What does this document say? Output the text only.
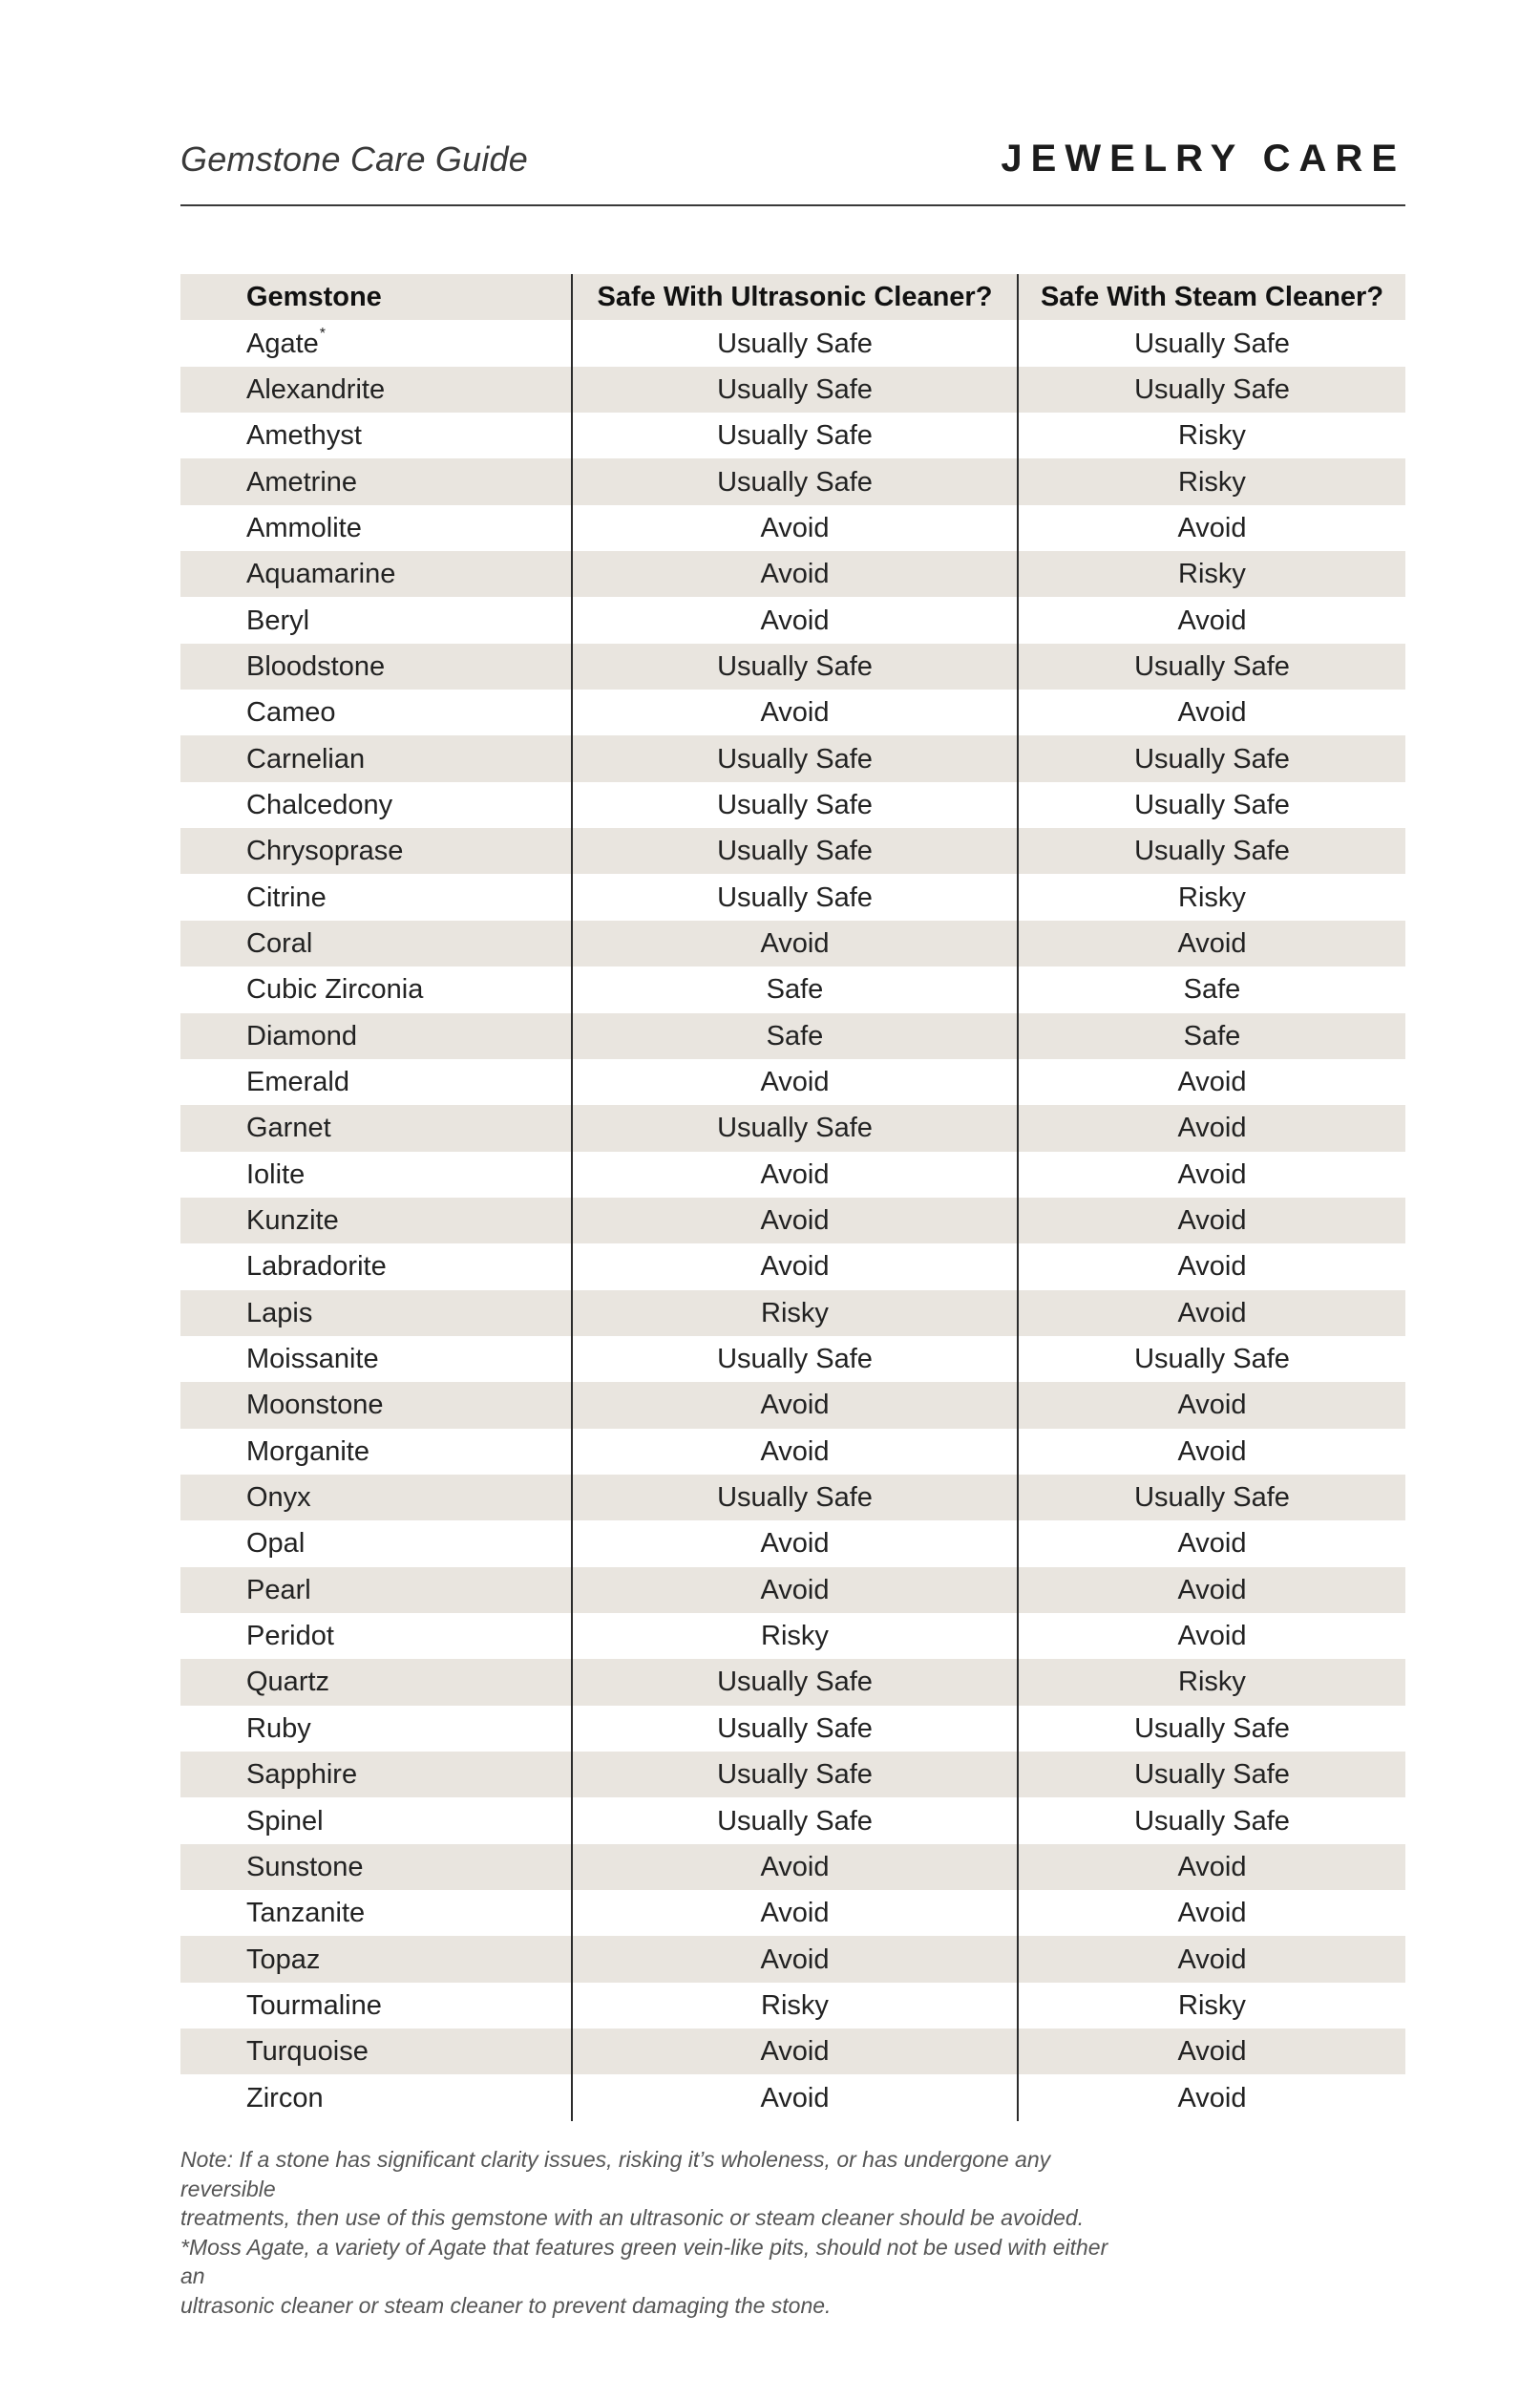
Gemstone Care Guide	JEWELRY CARE
Gemstone	Safe With Ultrasonic Cleaner?	Safe With Steam Cleaner?
Agate*	Usually Safe	Usually Safe
Alexandrite	Usually Safe	Usually Safe
Amethyst	Usually Safe	Risky
Ametrine	Usually Safe	Risky
Ammolite	Avoid	Avoid
Aquamarine	Avoid	Risky
Beryl	Avoid	Avoid
Bloodstone	Usually Safe	Usually Safe
Cameo	Avoid	Avoid
Carnelian	Usually Safe	Usually Safe
Chalcedony	Usually Safe	Usually Safe
Chrysoprase	Usually Safe	Usually Safe
Citrine	Usually Safe	Risky
Coral	Avoid	Avoid
Cubic Zirconia	Safe	Safe
Diamond	Safe	Safe
Emerald	Avoid	Avoid
Garnet	Usually Safe	Avoid
Iolite	Avoid	Avoid
Kunzite	Avoid	Avoid
Labradorite	Avoid	Avoid
Lapis	Risky	Avoid
Moissanite	Usually Safe	Usually Safe
Moonstone	Avoid	Avoid
Morganite	Avoid	Avoid
Onyx	Usually Safe	Usually Safe
Opal	Avoid	Avoid
Pearl	Avoid	Avoid
Peridot	Risky	Avoid
Quartz	Usually Safe	Risky
Ruby	Usually Safe	Usually Safe
Sapphire	Usually Safe	Usually Safe
Spinel	Usually Safe	Usually Safe
Sunstone	Avoid	Avoid
Tanzanite	Avoid	Avoid
Topaz	Avoid	Avoid
Tourmaline	Risky	Risky
Turquoise	Avoid	Avoid
Zircon	Avoid	Avoid

Note: If a stone has significant clarity issues, risking it’s wholeness, or has undergone any reversible

treatments, then use of this gemstone with an ultrasonic or steam cleaner should be avoided.

*Moss Agate, a variety of Agate that features green vein-like pits, should not be used with either an

ultrasonic cleaner or steam cleaner to prevent damaging the stone.
